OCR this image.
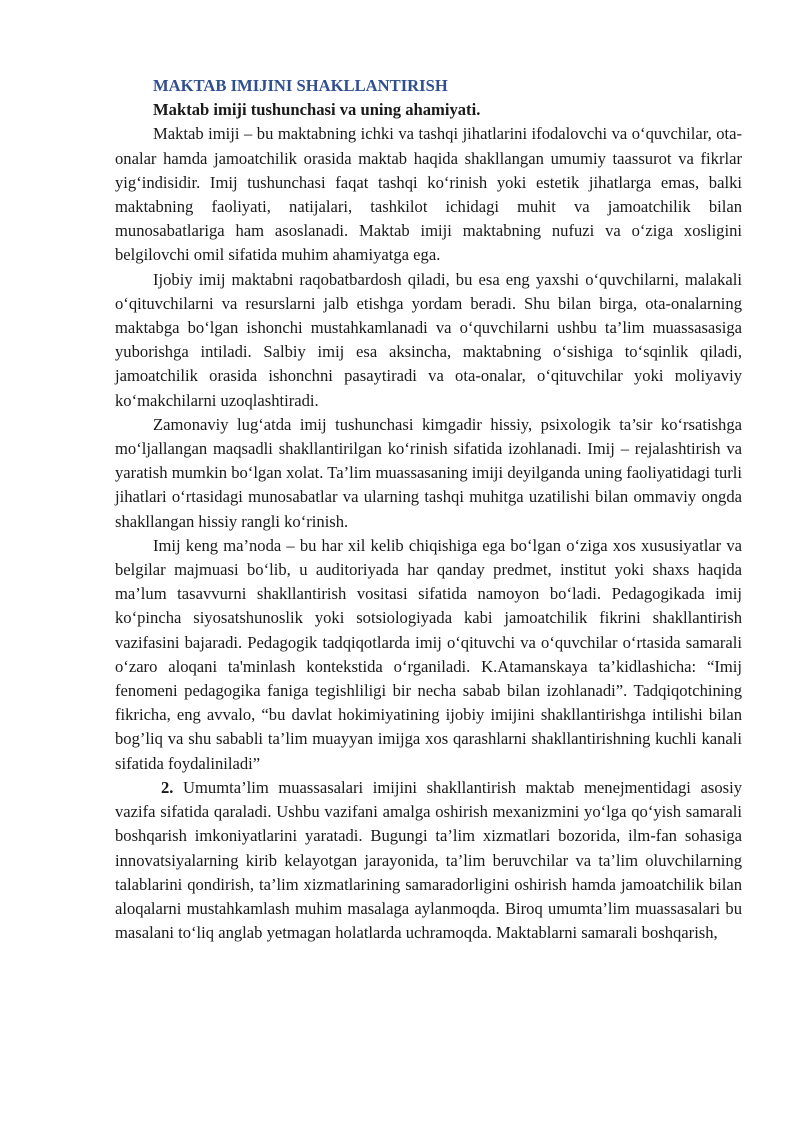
MAKTAB IMIJINI SHAKLLANTIRISH

Maktab imiji tushunchasi va uning ahamiyati.

Maktab imiji – bu maktabning ichki va tashqi jihatlarini ifodalovchi va o‘quvchilar, ota-onalar hamda jamoatchilik orasida maktab haqida shakllangan umumiy taassurot va fikrlar yig‘indisidir. Imij tushunchasi faqat tashqi ko‘rinish yoki estetik jihatlarga emas, balki maktabning faoliyati, natijalari, tashkilot ichidagi muhit va jamoatchilik bilan munosabatlariga ham asoslanadi. Maktab imiji maktabning nufuzi va o‘ziga xosligini belgilovchi omil sifatida muhim ahamiyatga ega.

Ijobiy imij maktabni raqobatbardosh qiladi, bu esa eng yaxshi o‘quvchilarni, malakali o‘qituvchilarni va resurslarni jalb etishga yordam beradi. Shu bilan birga, ota-onalarning maktabga bo‘lgan ishonchi mustahkamlanadi va o‘quvchilarni ushbu ta’lim muassasasiga yuborishga intiladi. Salbiy imij esa aksincha, maktabning o‘sishiga to‘sqinlik qiladi, jamoatchilik orasida ishonchni pasaytiradi va ota-onalar, o‘qituvchilar yoki moliyaviy ko‘makchilarni uzoqlashtiradi.

Zamonaviy lug‘atda imij tushunchasi kimgadir hissiy, psixologik ta’sir ko‘rsatishga mo‘ljallangan maqsadli shakllantirilgan ko‘rinish sifatida izohlanadi. Imij – rejalashtirish va yaratish mumkin bo‘lgan xolat. Ta’lim muassasaning imiji deyilganda uning faoliyatidagi turli jihatlari o‘rtasidagi munosabatlar va ularning tashqi muhitga uzatilishi bilan ommaviy ongda shakllangan hissiy rangli ko‘rinish.

Imij keng ma’noda – bu har xil kelib chiqishiga ega bo‘lgan o‘ziga xos xususiyatlar va belgilar majmuasi bo‘lib, u auditoriyada har qanday predmet, institut yoki shaxs haqida ma’lum tasavvurni shakllantirish vositasi sifatida namoyon bo‘ladi. Pedagogikada imij ko‘pincha siyosatshunoslik yoki sotsiologiyada kabi jamoatchilik fikrini shakllantirish vazifasini bajaradi. Pedagogik tadqiqotlarda imij o‘qituvchi va o‘quvchilar o‘rtasida samarali o‘zaro aloqani ta'minlash kontekstida o‘rganiladi. K.Atamanskaya ta’kidlashicha: “Imij fenomeni pedagogika faniga tegishliligi bir necha sabab bilan izohlanadi”. Tadqiqotchining fikricha, eng avvalo, “bu davlat hokimiyatining ijobiy imijini shakllantirishga intilishi bilan bog’liq va shu sababli ta’lim muayyan imijga xos qarashlarni shakllantirishning kuchli kanali sifatida foydaliniladi”

2. Umumta’lim muassasalari imijini shakllantirish maktab menejmentidagi asosiy vazifa sifatida qaraladi. Ushbu vazifani amalga oshirish mexanizmini yo‘lga qo‘yish samarali boshqarish imkoniyatlarini yaratadi. Bugungi ta’lim xizmatlari bozorida, ilm-fan sohasiga innovatsiyalarning kirib kelayotgan jarayonida, ta’lim beruvchilar va ta’lim oluvchilarning talablarini qondirish, ta’lim xizmatlarining samaradorligini oshirish hamda jamoatchilik bilan aloqalarni mustahkamlash muhim masalaga aylanmoqda. Biroq umumta’lim muassasalari bu masalani to‘liq anglab yetmagan holatlarda uchramoqda. Maktablarni samarali boshqarish,
